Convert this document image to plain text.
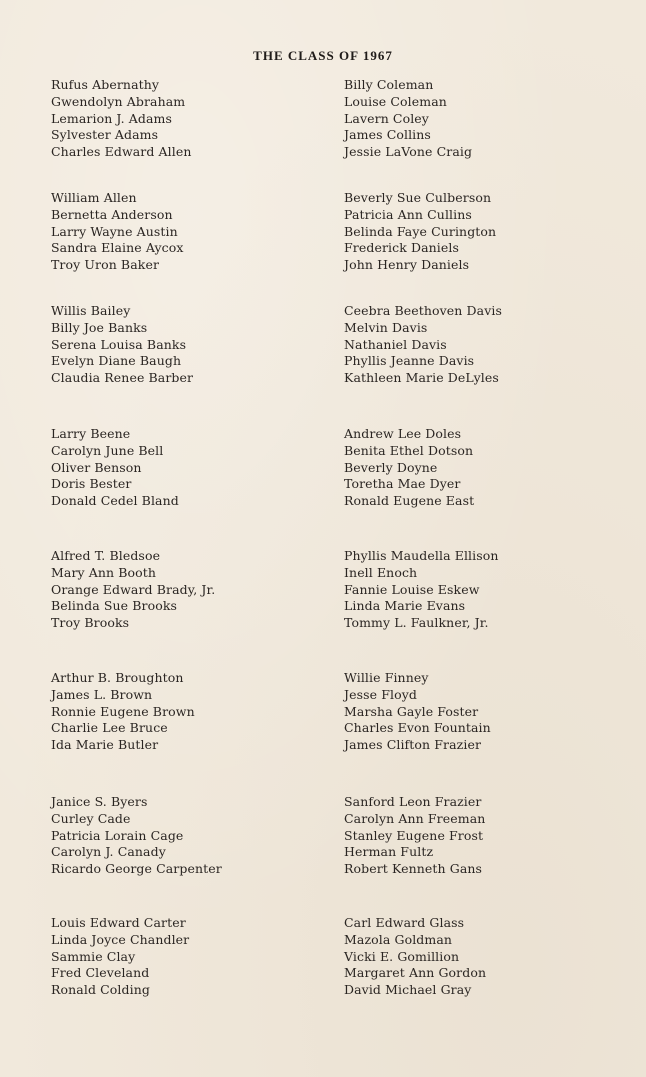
THE CLASS OF 1967
Rufus Abernathy
Gwendolyn Abraham
Lemarion J. Adams
Sylvester Adams
Charles Edward Allen
William Allen
Bernetta Anderson
Larry Wayne Austin
Sandra Elaine Aycox
Troy Uron Baker
Willis Bailey
Billy Joe Banks
Serena Louisa Banks
Evelyn Diane Baugh
Claudia Renee Barber
Larry Beene
Carolyn June Bell
Oliver Benson
Doris Bester
Donald Cedel Bland
Alfred T. Bledsoe
Mary Ann Booth
Orange Edward Brady, Jr.
Belinda Sue Brooks
Troy Brooks
Arthur B. Broughton
James L. Brown
Ronnie Eugene Brown
Charlie Lee Bruce
Ida Marie Butler
Janice S. Byers
Curley Cade
Patricia Lorain Cage
Carolyn J. Canady
Ricardo George Carpenter
Louis Edward Carter
Linda Joyce Chandler
Sammie Clay
Fred Cleveland
Ronald Colding
Billy Coleman
Louise Coleman
Lavern Coley
James Collins
Jessie LaVone Craig
Beverly Sue Culberson
Patricia Ann Cullins
Belinda Faye Curington
Frederick Daniels
John Henry Daniels
Ceebra Beethoven Davis
Melvin Davis
Nathaniel Davis
Phyllis Jeanne Davis
Kathleen Marie DeLyles
Andrew Lee Doles
Benita Ethel Dotson
Beverly Doyne
Toretha Mae Dyer
Ronald Eugene East
Phyllis Maudella Ellison
Inell Enoch
Fannie Louise Eskew
Linda Marie Evans
Tommy L. Faulkner, Jr.
Willie Finney
Jesse Floyd
Marsha Gayle Foster
Charles Evon Fountain
James Clifton Frazier
Sanford Leon Frazier
Carolyn Ann Freeman
Stanley Eugene Frost
Herman Fultz
Robert Kenneth Gans
Carl Edward Glass
Mazola Goldman
Vicki E. Gomillion
Margaret Ann Gordon
David Michael Gray
